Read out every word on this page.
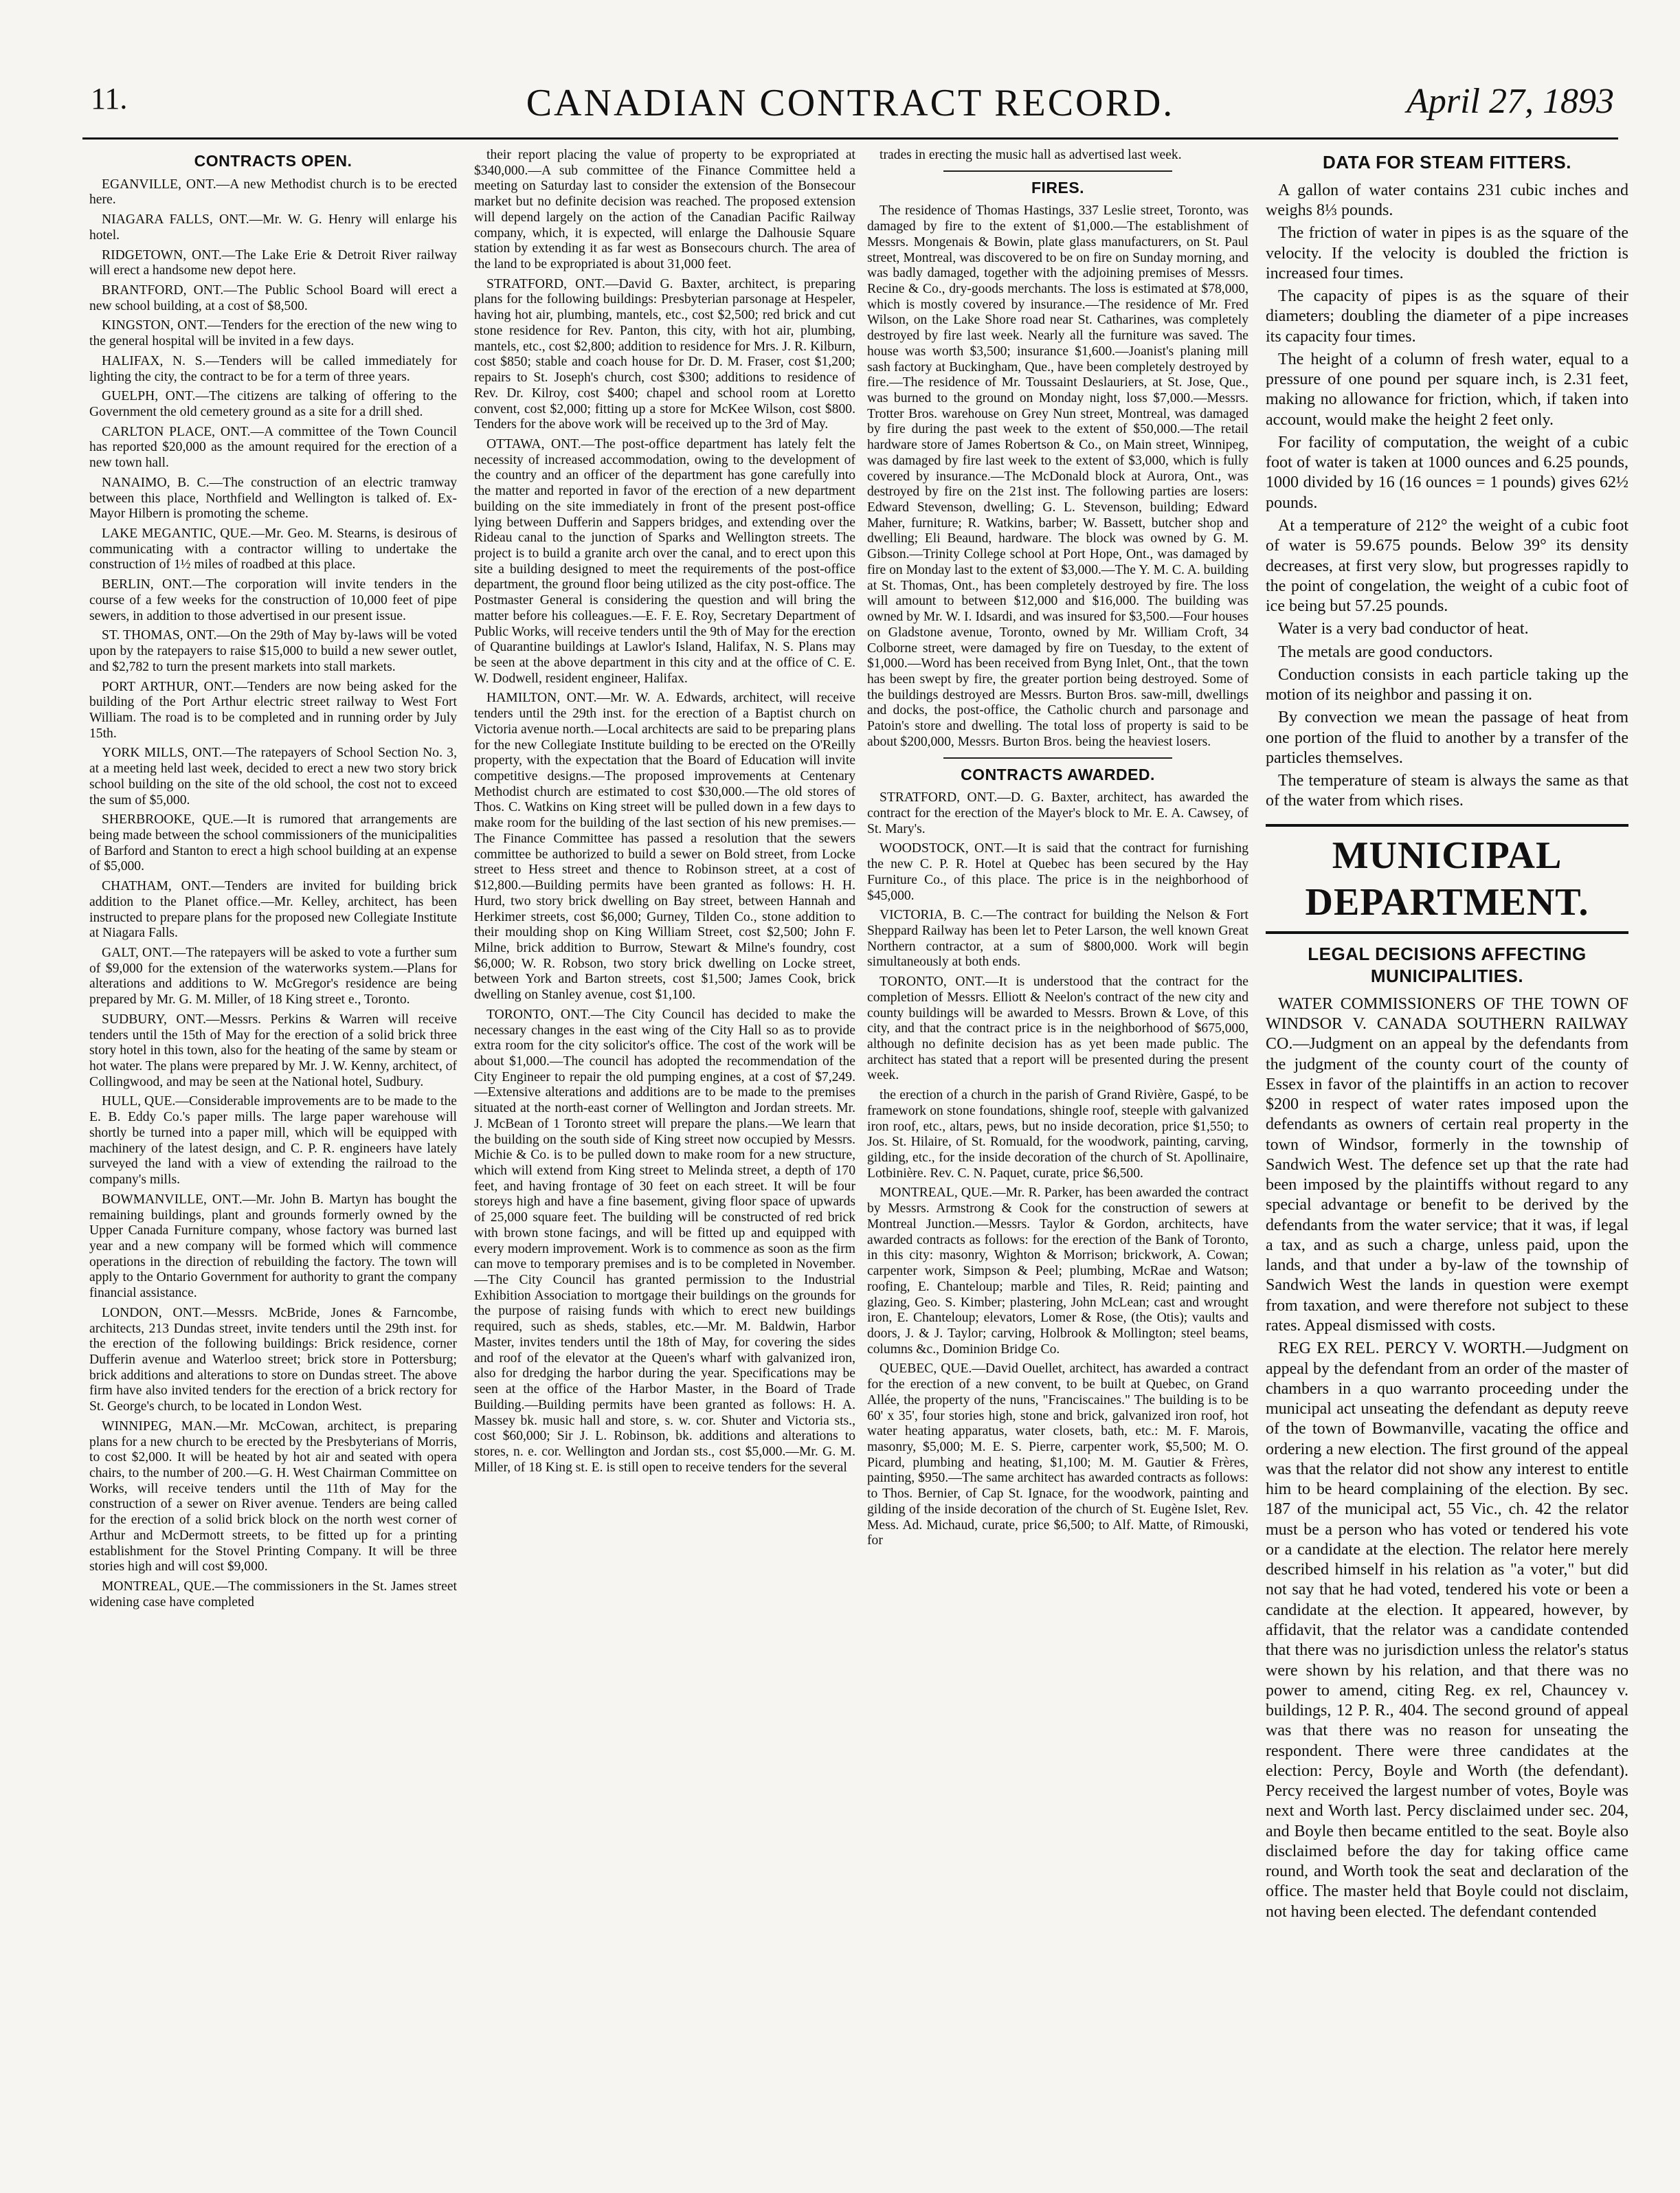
11.	CANADIAN CONTRACT RECORD.	April 27, 1893
CONTRACTS OPEN.

EGANVILLE, ONT.—A new Methodist church is to be erected here.

NIAGARA FALLS, ONT.—Mr. W. G. Henry will enlarge his hotel.

RIDGETOWN, ONT.—The Lake Erie & Detroit River railway will erect a handsome new depot here.

BRANTFORD, ONT.—The Public School Board will erect a new school building, at a cost of $8,500.

KINGSTON, ONT.—Tenders for the erection of the new wing to the general hospital will be invited in a few days.

HALIFAX, N. S.—Tenders will be called immediately for lighting the city, the contract to be for a term of three years.

GUELPH, ONT.—The citizens are talking of offering to the Government the old cemetery ground as a site for a drill shed.

CARLTON PLACE, ONT.—A committee of the Town Council has reported $20,000 as the amount required for the erection of a new town hall.

NANAIMO, B. C.—The construction of an electric tramway between this place, Northfield and Wellington is talked of. Ex-Mayor Hilbern is promoting the scheme.

LAKE MEGANTIC, QUE.—Mr. Geo. M. Stearns, is desirous of communicating with a contractor willing to undertake the construction of 1½ miles of roadbed at this place.

BERLIN, ONT.—The corporation will invite tenders in the course of a few weeks for the construction of 10,000 feet of pipe sewers, in addition to those advertised in our present issue.

ST. THOMAS, ONT.—On the 29th of May by-laws will be voted upon by the ratepayers to raise $15,000 to build a new sewer outlet, and $2,782 to turn the present markets into stall markets.

PORT ARTHUR, ONT.—Tenders are now being asked for the building of the Port Arthur electric street railway to West Fort William. The road is to be completed and in running order by July 15th.

YORK MILLS, ONT.—The ratepayers of School Section No. 3, at a meeting held last week, decided to erect a new two story brick school building on the site of the old school, the cost not to exceed the sum of $5,000.

SHERBROOKE, QUE.—It is rumored that arrangements are being made between the school commissioners of the municipalities of Barford and Stanton to erect a high school building at an expense of $5,000.

CHATHAM, ONT.—Tenders are invited for building brick addition to the Planet office.—Mr. Kelley, architect, has been instructed to prepare plans for the proposed new Collegiate Institute at Niagara Falls.

GALT, ONT.—The ratepayers will be asked to vote a further sum of $9,000 for the extension of the waterworks system.—Plans for alterations and additions to W. McGregor's residence are being prepared by Mr. G. M. Miller, of 18 King street e., Toronto.

SUDBURY, ONT.—Messrs. Perkins & Warren will receive tenders until the 15th of May for the erection of a solid brick three story hotel in this town, also for the heating of the same by steam or hot water. The plans were prepared by Mr. J. W. Kenny, architect, of Collingwood, and may be seen at the National hotel, Sudbury.

HULL, QUE.—Considerable improvements are to be made to the E. B. Eddy Co.'s paper mills. The large paper warehouse will shortly be turned into a paper mill, which will be equipped with machinery of the latest design, and C. P. R. engineers have lately surveyed the land with a view of extending the railroad to the company's mills.

BOWMANVILLE, ONT.—Mr. John B. Martyn has bought the remaining buildings, plant and grounds formerly owned by the Upper Canada Furniture company, whose factory was burned last year and a new company will be formed which will commence operations in the direction of rebuilding the factory. The town will apply to the Ontario Government for authority to grant the company financial assistance.

LONDON, ONT.—Messrs. McBride, Jones & Farncombe, architects, 213 Dundas street, invite tenders until the 29th inst. for the erection of the following buildings: Brick residence, corner Dufferin avenue and Waterloo street; brick store in Pottersburg; brick additions and alterations to store on Dundas street. The above firm have also invited tenders for the erection of a brick rectory for St. George's church, to be located in London West.

WINNIPEG, MAN.—Mr. McCowan, architect, is preparing plans for a new church to be erected by the Presbyterians of Morris, to cost $2,000. It will be heated by hot air and seated with opera chairs, to the number of 200.—G. H. West Chairman Committee on Works, will receive tenders until the 11th of May for the construction of a sewer on River avenue. Tenders are being called for the erection of a solid brick block on the north west corner of Arthur and McDermott streets, to be fitted up for a printing establishment for the Stovel Printing Company. It will be three stories high and will cost $9,000.

MONTREAL, QUE.—The commissioners in the St. James street widening case have completed

their report placing the value of property to be expropriated at $340,000.—A sub committee of the Finance Committee held a meeting on Saturday last to consider the extension of the Bonsecour market but no definite decision was reached. The proposed extension will depend largely on the action of the Canadian Pacific Railway company, which, it is expected, will enlarge the Dalhousie Square station by extending it as far west as Bonsecours church. The area of the land to be expropriated is about 31,000 feet.

STRATFORD, ONT.—David G. Baxter, architect, is preparing plans for the following buildings: Presbyterian parsonage at Hespeler, having hot air, plumbing, mantels, etc., cost $2,500; red brick and cut stone residence for Rev. Panton, this city, with hot air, plumbing, mantels, etc., cost $2,800; addition to residence for Mrs. J. R. Kilburn, cost $850; stable and coach house for Dr. D. M. Fraser, cost $1,200; repairs to St. Joseph's church, cost $300; additions to residence of Rev. Dr. Kilroy, cost $400; chapel and school room at Loretto convent, cost $2,000; fitting up a store for McKee Wilson, cost $800. Tenders for the above work will be received up to the 3rd of May.

OTTAWA, ONT.—The post-office department has lately felt the necessity of increased accommodation, owing to the development of the country and an officer of the department has gone carefully into the matter and reported in favor of the erection of a new department building on the site immediately in front of the present post-office lying between Dufferin and Sappers bridges, and extending over the Rideau canal to the junction of Sparks and Wellington streets. The project is to build a granite arch over the canal, and to erect upon this site a building designed to meet the requirements of the post-office department, the ground floor being utilized as the city post-office. The Postmaster General is considering the question and will bring the matter before his colleagues.—E. F. E. Roy, Secretary Department of Public Works, will receive tenders until the 9th of May for the erection of Quarantine buildings at Lawlor's Island, Halifax, N. S. Plans may be seen at the above department in this city and at the office of C. E. W. Dodwell, resident engineer, Halifax.

HAMILTON, ONT.—Mr. W. A. Edwards, architect, will receive tenders until the 29th inst. for the erection of a Baptist church on Victoria avenue north.—Local architects are said to be preparing plans for the new Collegiate Institute building to be erected on the O'Reilly property, with the expectation that the Board of Education will invite competitive designs.—The proposed improvements at Centenary Methodist church are estimated to cost $30,000.—The old stores of Thos. C. Watkins on King street will be pulled down in a few days to make room for the building of the last section of his new premises.—The Finance Committee has passed a resolution that the sewers committee be authorized to build a sewer on Bold street, from Locke street to Hess street and thence to Robinson street, at a cost of $12,800.—Building permits have been granted as follows: H. H. Hurd, two story brick dwelling on Bay street, between Hannah and Herkimer streets, cost $6,000; Gurney, Tilden Co., stone addition to their moulding shop on King William Street, cost $2,500; John F. Milne, brick addition to Burrow, Stewart & Milne's foundry, cost $6,000; W. R. Robson, two story brick dwelling on Locke street, between York and Barton streets, cost $1,500; James Cook, brick dwelling on Stanley avenue, cost $1,100.

TORONTO, ONT.—The City Council has decided to make the necessary changes in the east wing of the City Hall so as to provide extra room for the city solicitor's office. The cost of the work will be about $1,000.—The council has adopted the recommendation of the City Engineer to repair the old pumping engines, at a cost of $7,249.—Extensive alterations and additions are to be made to the premises situated at the north-east corner of Wellington and Jordan streets. Mr. J. McBean of 1 Toronto street will prepare the plans.—We learn that the building on the south side of King street now occupied by Messrs. Michie & Co. is to be pulled down to make room for a new structure, which will extend from King street to Melinda street, a depth of 170 feet, and having frontage of 30 feet on each street. It will be four storeys high and have a fine basement, giving floor space of upwards of 25,000 square feet. The building will be constructed of red brick with brown stone facings, and will be fitted up and equipped with every modern improvement. Work is to commence as soon as the firm can move to temporary premises and is to be completed in November.—The City Council has granted permission to the Industrial Exhibition Association to mortgage their buildings on the grounds for the purpose of raising funds with which to erect new buildings required, such as sheds, stables, etc.—Mr. M. Baldwin, Harbor Master, invites tenders until the 18th of May, for covering the sides and roof of the elevator at the Queen's wharf with galvanized iron, also for dredging the harbor during the year. Specifications may be seen at the office of the Harbor Master, in the Board of Trade Building.—Building permits have been granted as follows: H. A. Massey bk. music hall and store, s. w. cor. Shuter and Victoria sts., cost $60,000; Sir J. L. Robinson, bk. additions and alterations to stores, n. e. cor. Wellington and Jordan sts., cost $5,000.—Mr. G. M. Miller, of 18 King st. E. is still open to receive tenders for the several

trades in erecting the music hall as advertised last week.

FIRES.

The residence of Thomas Hastings, 337 Leslie street, Toronto, was damaged by fire to the extent of $1,000.—The establishment of Messrs. Mongenais & Bowin, plate glass manufacturers, on St. Paul street, Montreal, was discovered to be on fire on Sunday morning, and was badly damaged, together with the adjoining premises of Messrs. Recine & Co., dry-goods merchants. The loss is estimated at $78,000, which is mostly covered by insurance.—The residence of Mr. Fred Wilson, on the Lake Shore road near St. Catharines, was completely destroyed by fire last week. Nearly all the furniture was saved. The house was worth $3,500; insurance $1,600.—Joanist's planing mill sash factory at Buckingham, Que., have been completely destroyed by fire.—The residence of Mr. Toussaint Deslauriers, at St. Jose, Que., was burned to the ground on Monday night, loss $7,000.—Messrs. Trotter Bros. warehouse on Grey Nun street, Montreal, was damaged by fire during the past week to the extent of $50,000.—The retail hardware store of James Robertson & Co., on Main street, Winnipeg, was damaged by fire last week to the extent of $3,000, which is fully covered by insurance.—The McDonald block at Aurora, Ont., was destroyed by fire on the 21st inst. The following parties are losers: Edward Stevenson, dwelling; G. L. Stevenson, building; Edward Maher, furniture; R. Watkins, barber; W. Bassett, butcher shop and dwelling; Eli Beaund, hardware. The block was owned by G. M. Gibson.—Trinity College school at Port Hope, Ont., was damaged by fire on Monday last to the extent of $3,000.—The Y. M. C. A. building at St. Thomas, Ont., has been completely destroyed by fire. The loss will amount to between $12,000 and $16,000. The building was owned by Mr. W. I. Idsardi, and was insured for $3,500.—Four houses on Gladstone avenue, Toronto, owned by Mr. William Croft, 34 Colborne street, were damaged by fire on Tuesday, to the extent of $1,000.—Word has been received from Byng Inlet, Ont., that the town has been swept by fire, the greater portion being destroyed. Some of the buildings destroyed are Messrs. Burton Bros. saw-mill, dwellings and docks, the post-office, the Catholic church and parsonage and Patoin's store and dwelling. The total loss of property is said to be about $200,000, Messrs. Burton Bros. being the heaviest losers.

CONTRACTS AWARDED.

STRATFORD, ONT.—D. G. Baxter, architect, has awarded the contract for the erection of the Mayer's block to Mr. E. A. Cawsey, of St. Mary's.

WOODSTOCK, ONT.—It is said that the contract for furnishing the new C. P. R. Hotel at Quebec has been secured by the Hay Furniture Co., of this place. The price is in the neighborhood of $45,000.

VICTORIA, B. C.—The contract for building the Nelson & Fort Sheppard Railway has been let to Peter Larson, the well known Great Northern contractor, at a sum of $800,000. Work will begin simultaneously at both ends.

TORONTO, ONT.—It is understood that the contract for the completion of Messrs. Elliott & Neelon's contract of the new city and county buildings will be awarded to Messrs. Brown & Love, of this city, and that the contract price is in the neighborhood of $675,000, although no definite decision has as yet been made public. The architect has stated that a report will be presented during the present week.

the erection of a church in the parish of Grand Rivière, Gaspé, to be framework on stone foundations, shingle roof, steeple with galvanized iron roof, etc., altars, pews, but no inside decoration, price $1,550; to Jos. St. Hilaire, of St. Romuald, for the woodwork, painting, carving, gilding, etc., for the inside decoration of the church of St. Apollinaire, Lotbinière. Rev. C. N. Paquet, curate, price $6,500.

MONTREAL, QUE.—Mr. R. Parker, has been awarded the contract by Messrs. Armstrong & Cook for the construction of sewers at Montreal Junction.—Messrs. Taylor & Gordon, architects, have awarded contracts as follows: for the erection of the Bank of Toronto, in this city: masonry, Wighton & Morrison; brickwork, A. Cowan; carpenter work, Simpson & Peel; plumbing, McRae and Watson; roofing, E. Chanteloup; marble and Tiles, R. Reid; painting and glazing, Geo. S. Kimber; plastering, John McLean; cast and wrought iron, E. Chanteloup; elevators, Lomer & Rose, (the Otis); vaults and doors, J. & J. Taylor; carving, Holbrook & Mollington; steel beams, columns &c., Dominion Bridge Co.

QUEBEC, QUE.—David Ouellet, architect, has awarded a contract for the erection of a new convent, to be built at Quebec, on Grand Allée, the property of the nuns, "Franciscaines." The building is to be 60' x 35', four stories high, stone and brick, galvanized iron roof, hot water heating apparatus, water closets, bath, etc.: M. F. Marois, masonry, $5,000; M. E. S. Pierre, carpenter work, $5,500; M. O. Picard, plumbing and heating, $1,100; M. M. Gautier & Frères, painting, $950.—The same architect has awarded contracts as follows: to Thos. Bernier, of Cap St. Ignace, for the woodwork, painting and gilding of the inside decoration of the church of St. Eugène Islet, Rev. Mess. Ad. Michaud, curate, price $6,500; to Alf. Matte, of Rimouski, for

DATA FOR STEAM FITTERS.

A gallon of water contains 231 cubic inches and weighs 8⅓ pounds.

The friction of water in pipes is as the square of the velocity. If the velocity is doubled the friction is increased four times.

The capacity of pipes is as the square of their diameters; doubling the diameter of a pipe increases its capacity four times.

The height of a column of fresh water, equal to a pressure of one pound per square inch, is 2.31 feet, making no allowance for friction, which, if taken into account, would make the height 2 feet only.

For facility of computation, the weight of a cubic foot of water is taken at 1000 ounces and 6.25 pounds, 1000 divided by 16 (16 ounces = 1 pounds) gives 62½ pounds.

At a temperature of 212° the weight of a cubic foot of water is 59.675 pounds. Below 39° its density decreases, at first very slow, but progresses rapidly to the point of congelation, the weight of a cubic foot of ice being but 57.25 pounds.

Water is a very bad conductor of heat.

The metals are good conductors.

Conduction consists in each particle taking up the motion of its neighbor and passing it on.

By convection we mean the passage of heat from one portion of the fluid to another by a transfer of the particles themselves.

The temperature of steam is always the same as that of the water from which rises.

MUNICIPAL DEPARTMENT.
LEGAL DECISIONS AFFECTING MUNICIPALITIES.

WATER COMMISSIONERS OF THE TOWN OF WINDSOR V. CANADA SOUTHERN RAILWAY CO.—Judgment on an appeal by the defendants from the judgment of the county court of the county of Essex in favor of the plaintiffs in an action to recover $200 in respect of water rates imposed upon the defendants as owners of certain real property in the town of Windsor, formerly in the township of Sandwich West. The defence set up that the rate had been imposed by the plaintiffs without regard to any special advantage or benefit to be derived by the defendants from the water service; that it was, if legal a tax, and as such a charge, unless paid, upon the lands, and that under a by-law of the township of Sandwich West the lands in question were exempt from taxation, and were therefore not subject to these rates. Appeal dismissed with costs.

REG EX REL. PERCY V. WORTH.—Judgment on appeal by the defendant from an order of the master of chambers in a quo warranto proceeding under the municipal act unseating the defendant as deputy reeve of the town of Bowmanville, vacating the office and ordering a new election. The first ground of the appeal was that the relator did not show any interest to entitle him to be heard complaining of the election. By sec. 187 of the municipal act, 55 Vic., ch. 42 the relator must be a person who has voted or tendered his vote or a candidate at the election. The relator here merely described himself in his relation as "a voter," but did not say that he had voted, tendered his vote or been a candidate at the election. It appeared, however, by affidavit, that the relator was a candidate contended that there was no jurisdiction unless the relator's status were shown by his relation, and that there was no power to amend, citing Reg. ex rel, Chauncey v. buildings, 12 P. R., 404. The second ground of appeal was that there was no reason for unseating the respondent. There were three candidates at the election: Percy, Boyle and Worth (the defendant). Percy received the largest number of votes, Boyle was next and Worth last. Percy disclaimed under sec. 204, and Boyle then became entitled to the seat. Boyle also disclaimed before the day for taking office came round, and Worth took the seat and declaration of the office. The master held that Boyle could not disclaim, not having been elected. The defendant contended
